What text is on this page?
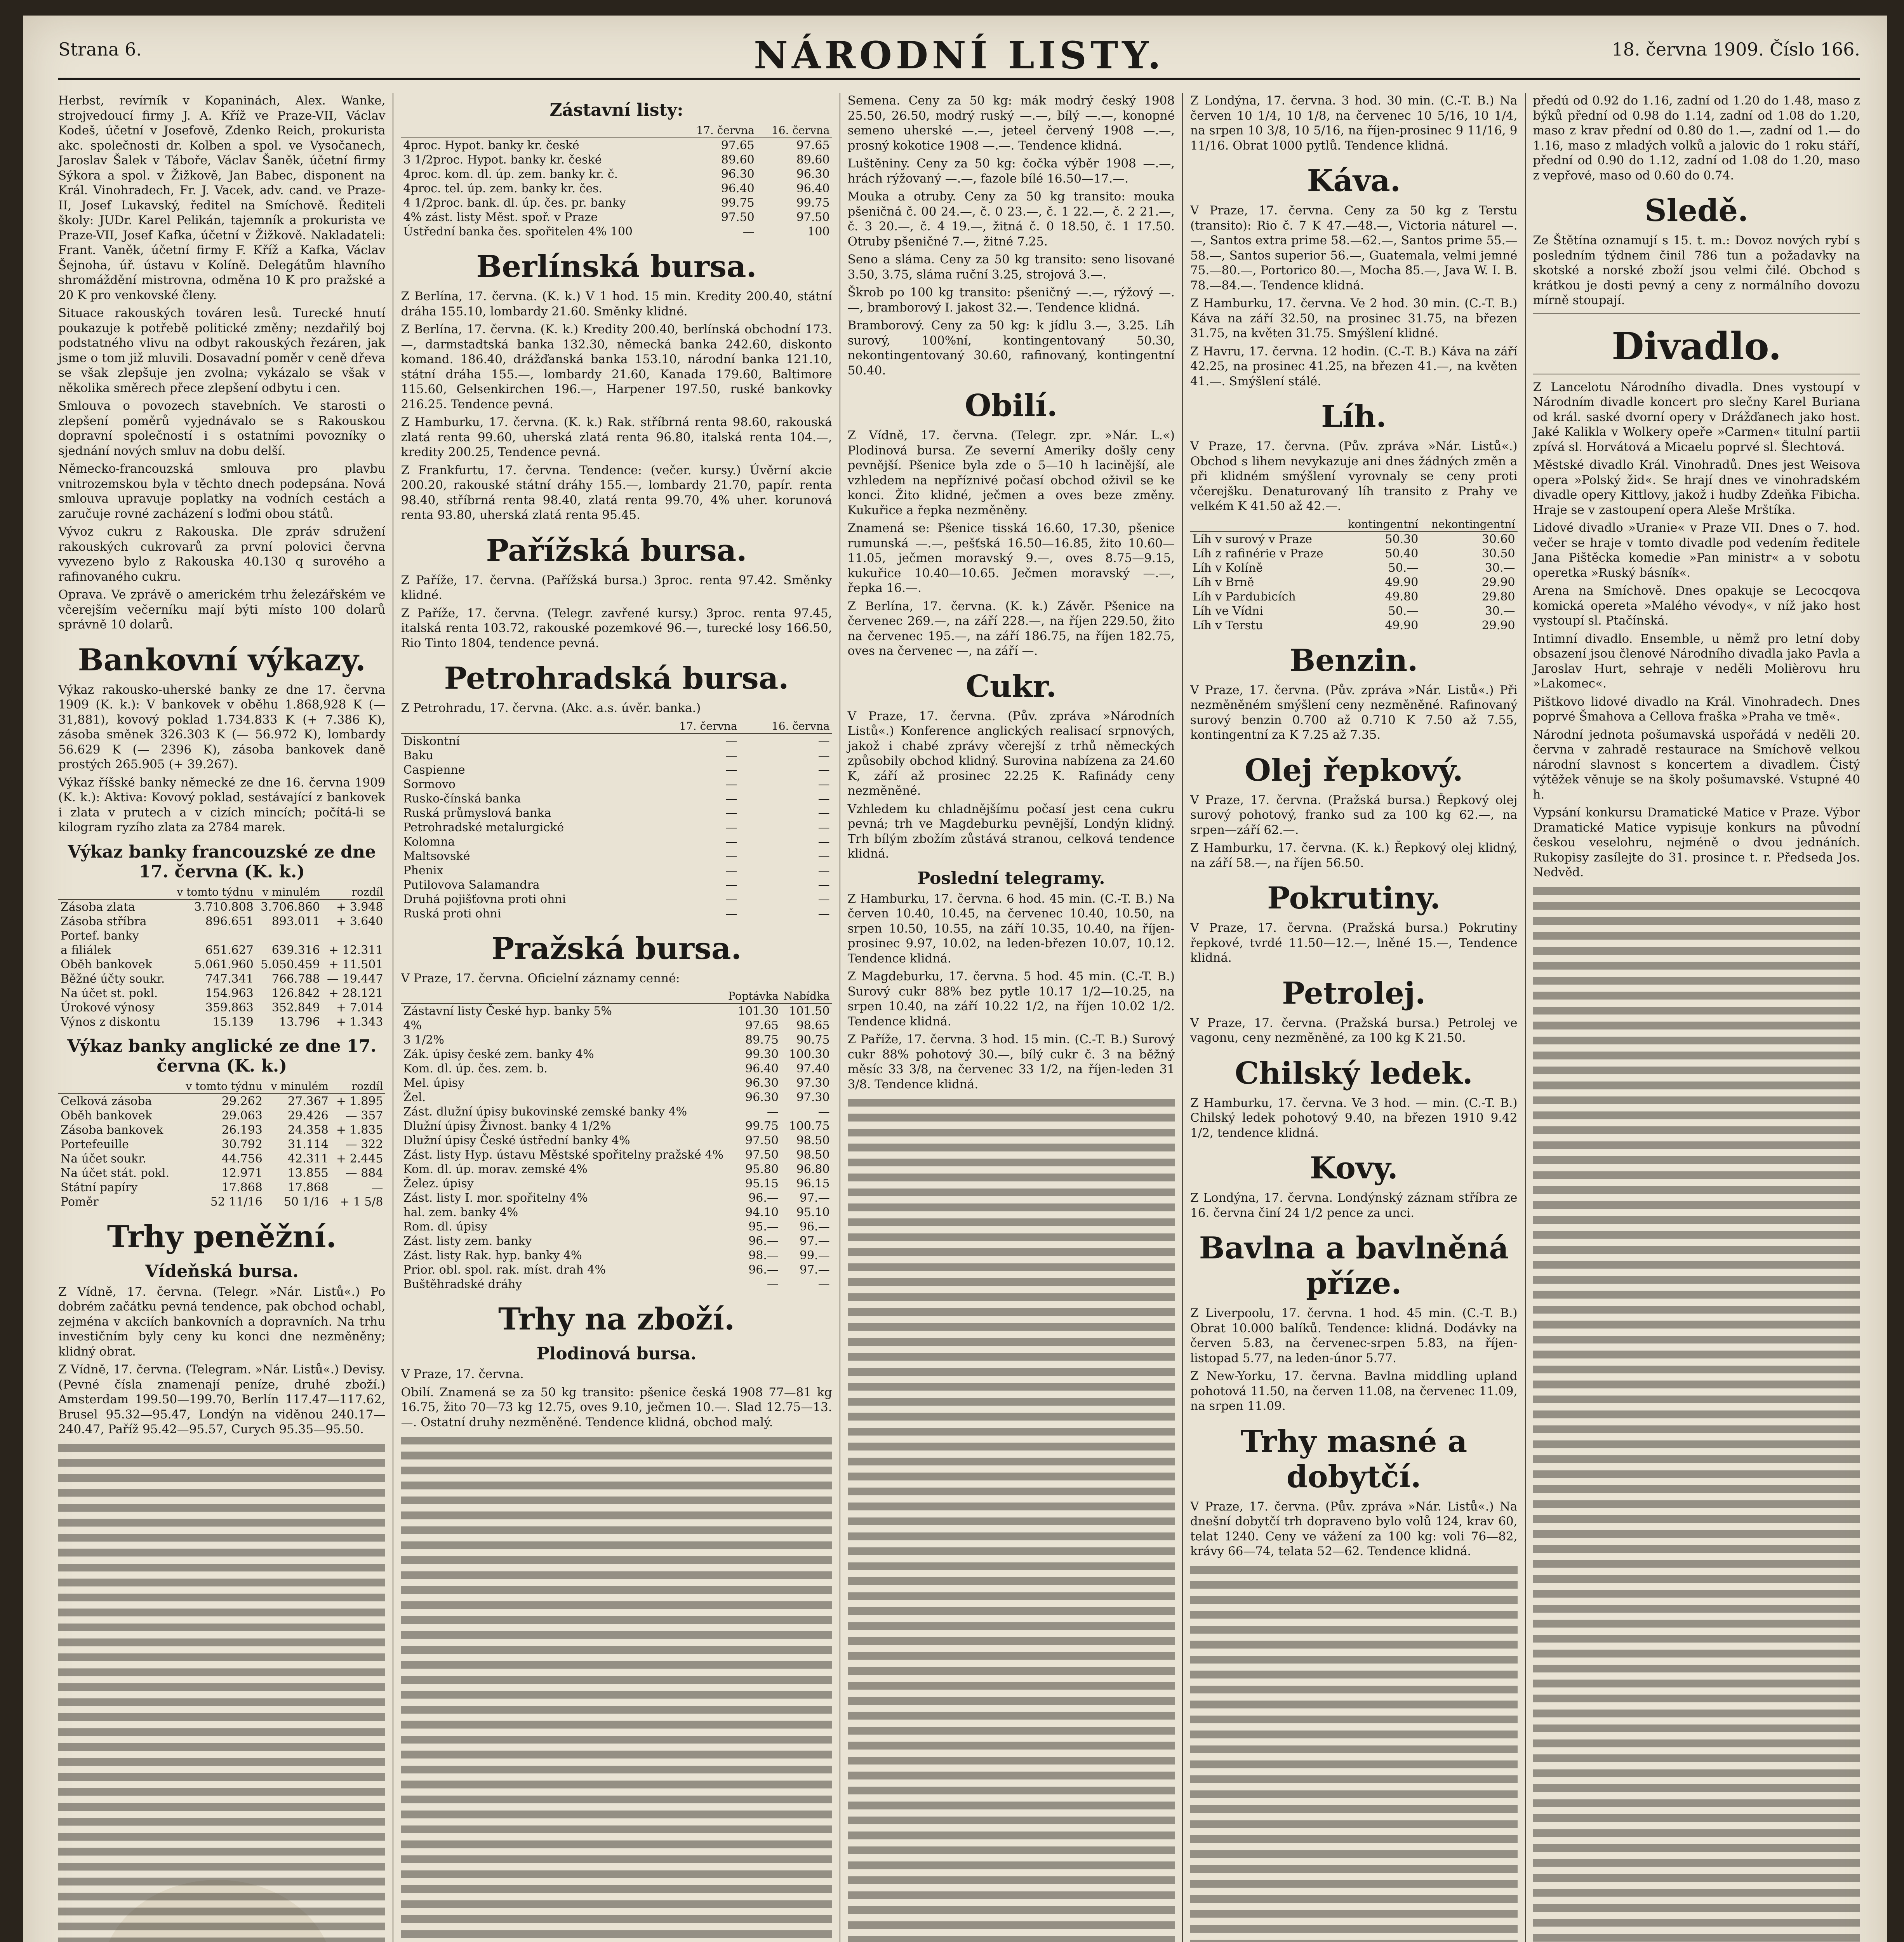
Strana 6.	NÁRODNÍ LISTY.	18. června 1909. Číslo 166.

Herbst, revírník v Kopaninách, Alex. Wanke, strojvedoucí firmy J. A. Kříž ve Praze-VII, Václav Kodeš, účetní v Josefově, Zdenko Reich, prokurista akc. společnosti dr. Kolben a spol. ve Vysočanech, Jaroslav Šalek v Táboře, Václav Šaněk, účetní firmy Sýkora a spol. v Žižkově, Jan Babec, disponent na Král. Vinohradech, Fr. J. Vacek, adv. cand. ve Praze-II, Josef Lukavský, ředitel na Smíchově. Řediteli školy: JUDr. Karel Pelikán, tajemník a prokurista ve Praze-VII, Josef Kafka, účetní v Žižkově. Nakladateli: Frant. Vaněk, účetní firmy F. Kříž a Kafka, Václav Šejnoha, úř. ústavu v Kolíně. Delegátům hlavního shromáždění mistrovna, odměna 10 K pro pražské a 20 K pro venkovské členy.

Situace rakouských továren lesů. Turecké hnutí poukazuje k potřebě politické změny; nezdařilý boj podstatného vlivu na odbyt rakouských řezáren, jak jsme o tom již mluvili. Dosavadní poměr v ceně dřeva se však zlepšuje jen zvolna; vykázalo se však v několika směrech přece zlepšení odbytu i cen.

Smlouva o povozech stavebních. Ve starosti o zlepšení poměrů vyjednávalo se s Rakouskou dopravní společností i s ostatními povozníky o sjednání nových smluv na dobu delší.

Německo-francouzská smlouva pro plavbu vnitrozemskou byla v těchto dnech podepsána. Nová smlouva upravuje poplatky na vodních cestách a zaručuje rovné zacházení s loďmi obou států.

Vývoz cukru z Rakouska. Dle zpráv sdružení rakouských cukrovarů za první polovici června vyvezeno bylo z Rakouska 40.130 q surového a rafinovaného cukru.

Oprava. Ve zprávě o americkém trhu železářském ve včerejším večerníku mají býti místo 100 dolarů správně 10 dolarů.

Bankovní výkazy.

Výkaz rakousko-uherské banky ze dne 17. června 1909 (K. k.): V bankovek v oběhu 1.868,928 K (— 31,881), kovový poklad 1.734.833 K (+ 7.386 K), zásoba směnek 326.303 K (— 56.972 K), lombardy 56.629 K (— 2396 K), zásoba bankovek daně prostých 265.905 (+ 39.267).

Výkaz říšské banky německé ze dne 16. června 1909 (K. k.): Aktiva: Kovový poklad, sestávající z bankovek i zlata v prutech a v cizích mincích; počítá-li se kilogram ryzího zlata za 2784 marek.

Výkaz banky francouzské ze dne 17. června (K. k.)
	v tomto týdnu	v minulém	rozdíl
Zásoba zlata	3.710.808	3.706.860	+ 3.948
Zásoba stříbra	896.651	893.011	+ 3.640
Portef. banky			
a filiálek	651.627	639.316	+ 12.311
Oběh bankovek	5.061.960	5.050.459	+ 11.501
Běžné účty soukr.	747.341	766.788	— 19.447
Na účet st. pokl.	154.963	126.842	+ 28.121
Úrokové výnosy	359.863	352.849	+ 7.014
Výnos z diskontu	15.139	13.796	+ 1.343
Výkaz banky anglické ze dne 17. června (K. k.)
	v tomto týdnu	v minulém	rozdíl
Celková zásoba	29.262	27.367	+ 1.895
Oběh bankovek	29.063	29.426	— 357
Zásoba bankovek	26.193	24.358	+ 1.835
Portefeuille	30.792	31.114	— 322
Na účet soukr.	44.756	42.311	+ 2.445
Na účet stát. pokl.	12.971	13.855	— 884
Státní papíry	17.868	17.868	—
Poměr	52 11/16	50 1/16	+ 1 5/8
Trhy peněžní.
Vídeňská bursa.

Z Vídně, 17. června. (Telegr. »Nár. Listů«.) Po dobrém začátku pevná tendence, pak obchod ochabl, zejména v akciích bankovních a dopravních. Na trhu investičním byly ceny ku konci dne nezměněny; klidný obrat.

Z Vídně, 17. června. (Telegram. »Nár. Listů«.) Devisy. (Pevné čísla znamenají peníze, druhé zboží.) Amsterdam 199.50—199.70, Berlín 117.47—117.62, Brusel 95.32—95.47, Londýn na viděnou 240.17—240.47, Paříž 95.42—95.57, Curych 95.35—95.50.

Zástavní listy:
	17. června	16. června
4proc. Hypot. banky kr. české	97.65	97.65
3 1/2proc. Hypot. banky kr. české	89.60	89.60
4proc. kom. dl. úp. zem. banky kr. č.	96.30	96.30
4proc. tel. úp. zem. banky kr. čes.	96.40	96.40
4 1/2proc. bank. dl. úp. čes. pr. banky	99.75	99.75
4% zást. listy Měst. spoř. v Praze	97.50	97.50
Ústřední banka čes. spořitelen 4% 100	—	100
Berlínská bursa.

Z Berlína, 17. června. (K. k.) V 1 hod. 15 min. Kredity 200.40, státní dráha 155.10, lombardy 21.60. Směnky klidné.

Z Berlína, 17. června. (K. k.) Kredity 200.40, berlínská obchodní 173.—, darmstadtská banka 132.30, německá banka 242.60, diskonto komand. 186.40, drážďanská banka 153.10, národní banka 121.10, státní dráha 155.—, lombardy 21.60, Kanada 179.60, Baltimore 115.60, Gelsenkirchen 196.—, Harpener 197.50, ruské bankovky 216.25. Tendence pevná.

Z Hamburku, 17. června. (K. k.) Rak. stříbrná renta 98.60, rakouská zlatá renta 99.60, uherská zlatá renta 96.80, italská renta 104.—, kredity 200.25, Tendence pevná.

Z Frankfurtu, 17. června. Tendence: (večer. kursy.) Úvěrní akcie 200.20, rakouské státní dráhy 155.—, lombardy 21.70, papír. renta 98.40, stříbrná renta 98.40, zlatá renta 99.70, 4% uher. korunová renta 93.80, uherská zlatá renta 95.45.

Pařížská bursa.

Z Paříže, 17. června. (Pařížská bursa.) 3proc. renta 97.42. Směnky klidné.

Z Paříže, 17. června. (Telegr. zavřené kursy.) 3proc. renta 97.45, italská renta 103.72, rakouské pozemkové 96.—, turecké losy 166.50, Rio Tinto 1804, tendence pevná.

Petrohradská bursa.

Z Petrohradu, 17. června. (Akc. a.s. úvěr. banka.)

	17. června	16. června
Diskontní	—	—
Baku	—	—
Caspienne	—	—
Sormovo	—	—
Rusko-čínská banka	—	—
Ruská průmyslová banka	—	—
Petrohradské metalurgické	—	—
Kolomna	—	—
Maltsovské	—	—
Phenix	—	—
Putilovova Salamandra	—	—
Druhá pojišťovna proti ohni	—	—
Ruská proti ohni	—	—
Pražská bursa.

V Praze, 17. června. Oficielní záznamy cenné:

	Poptávka	Nabídka
Zástavní listy České hyp. banky 5%	101.30	101.50
4%	97.65	98.65
3 1/2%	89.75	90.75
Zák. úpisy české zem. banky 4%	99.30	100.30
Kom. dl. úp. čes. zem. b.	96.40	97.40
Mel. úpisy	96.30	97.30
Žel.	96.30	97.30
Zást. dlužní úpisy bukovinské zemské banky 4%	—	—
Dlužní úpisy Živnost. banky 4 1/2%	99.75	100.75
Dlužní úpisy České ústřední banky 4%	97.50	98.50
Zást. listy Hyp. ústavu Městské spořitelny pražské 4%	97.50	98.50
Kom. dl. úp. morav. zemské 4%	95.80	96.80
Želez. úpisy	95.15	96.15
Zást. listy I. mor. spořitelny 4%	96.—	97.—
hal. zem. banky 4%	94.10	95.10
Rom. dl. úpisy	95.—	96.—
Zást. listy zem. banky	96.—	97.—
Zást. listy Rak. hyp. banky 4%	98.—	99.—
Prior. obl. spol. rak. míst. drah 4%	96.—	97.—
Buštěhradské dráhy	—	—
Trhy na zboží.
Plodinová bursa.

V Praze, 17. června.

Obilí. Znamená se za 50 kg transito: pšenice česká 1908 77—81 kg 16.75, žito 70—73 kg 12.75, oves 9.10, ječmen 10.—. Slad 12.75—13.—. Ostatní druhy nezměněné. Tendence klidná, obchod malý.

Semena. Ceny za 50 kg: mák modrý český 1908 25.50, 26.50, modrý ruský —.—, bílý —.—, konopné semeno uherské —.—, jeteel červený 1908 —.—, prosný kokotice 1908 —.—. Tendence klidná.

Luštěniny. Ceny za 50 kg: čočka výběr 1908 —.—, hrách rýžovaný —.—, fazole bílé 16.50—17.—.

Mouka a otruby. Ceny za 50 kg transito: mouka pšeničná č. 00 24.—, č. 0 23.—, č. 1 22.—, č. 2 21.—, č. 3 20.—, č. 4 19.—, žitná č. 0 18.50, č. 1 17.50. Otruby pšeničné 7.—, žitné 7.25.

Seno a sláma. Ceny za 50 kg transito: seno lisované 3.50, 3.75, sláma ruční 3.25, strojová 3.—.

Škrob po 100 kg transito: pšeničný —.—, rýžový —.—, bramborový I. jakost 32.—. Tendence klidná.

Bramborový. Ceny za 50 kg: k jídlu 3.—, 3.25. Líh surový, 100%ní, kontingentovaný 50.30, nekontingentovaný 30.60, rafinovaný, kontingentní 50.40.

Obilí.

Z Vídně, 17. června. (Telegr. zpr. »Nár. L.«) Plodinová bursa. Ze severní Ameriky došly ceny pevnější. Pšenice byla zde o 5—10 h lacinější, ale vzhledem na nepříznivé počasí obchod oživil se ke konci. Žito klidné, ječmen a oves beze změny. Kukuřice a řepka nezměněny.

Znamená se: Pšenice tisská 16.60, 17.30, pšenice rumunská —.—, pešťská 16.50—16.85, žito 10.60—11.05, ječmen moravský 9.—, oves 8.75—9.15, kukuřice 10.40—10.65. Ječmen moravský —.—, řepka 16.—.

Z Berlína, 17. června. (K. k.) Závěr. Pšenice na červenec 269.—, na září 228.—, na říjen 229.50, žito na červenec 195.—, na září 186.75, na říjen 182.75, oves na červenec —, na září —.

Cukr.

V Praze, 17. června. (Pův. zpráva »Národních Listů«.) Konference anglických realisací srpnových, jakož i chabé zprávy včerejší z trhů německých způsobily obchod klidný. Surovina nabízena za 24.60 K, září až prosinec 22.25 K. Rafinády ceny nezměněné.

Vzhledem ku chladnějšímu počasí jest cena cukru pevná; trh ve Magdeburku pevnější, Londýn klidný. Trh bílým zbožím zůstává stranou, celková tendence klidná.

Poslední telegramy.

Z Hamburku, 17. června. 6 hod. 45 min. (C.-T. B.) Na červen 10.40, 10.45, na červenec 10.40, 10.50, na srpen 10.50, 10.55, na září 10.35, 10.40, na říjen-prosinec 9.97, 10.02, na leden-březen 10.07, 10.12. Tendence klidná.

Z Magdeburku, 17. června. 5 hod. 45 min. (C.-T. B.) Surový cukr 88% bez pytle 10.17 1/2—10.25, na srpen 10.40, na září 10.22 1/2, na říjen 10.02 1/2. Tendence klidná.

Z Paříže, 17. června. 3 hod. 15 min. (C.-T. B.) Surový cukr 88% pohotový 30.—, bílý cukr č. 3 na běžný měsíc 33 3/8, na červenec 33 1/2, na říjen-leden 31 3/8. Tendence klidná.

Z Londýna, 17. června. 3 hod. 30 min. (C.-T. B.) Na červen 10 1/4, 10 1/8, na červenec 10 5/16, 10 1/4, na srpen 10 3/8, 10 5/16, na říjen-prosinec 9 11/16, 9 11/16. Obrat 1000 pytlů. Tendence klidná.

Káva.

V Praze, 17. června. Ceny za 50 kg z Terstu (transito): Rio č. 7 K 47.—48.—, Victoria náturel —.—, Santos extra prime 58.—62.—, Santos prime 55.—58.—, Santos superior 56.—, Guatemala, velmi jemné 75.—80.—, Portorico 80.—, Mocha 85.—, Java W. I. B. 78.—84.—. Tendence klidná.

Z Hamburku, 17. června. Ve 2 hod. 30 min. (C.-T. B.) Káva na září 32.50, na prosinec 31.75, na březen 31.75, na květen 31.75. Smýšlení klidné.

Z Havru, 17. června. 12 hodin. (C.-T. B.) Káva na září 42.25, na prosinec 41.25, na březen 41.—, na květen 41.—. Smýšlení stálé.

Líh.

V Praze, 17. června. (Pův. zpráva »Nár. Listů«.) Obchod s lihem nevykazuje ani dnes žádných změn a při klidném smýšlení vyrovnaly se ceny proti včerejšku. Denaturovaný líh transito z Prahy ve velkém K 41.50 až 42.—.

	kontingentní	nekontingentní
Líh v surový v Praze	50.30	30.60
Líh z rafinérie v Praze	50.40	30.50
Líh v Kolíně	50.—	30.—
Líh v Brně	49.90	29.90
Líh v Pardubicích	49.80	29.80
Líh ve Vídni	50.—	30.—
Líh v Terstu	49.90	29.90
Benzin.

V Praze, 17. června. (Pův. zpráva »Nár. Listů«.) Při nezměněném smýšlení ceny nezměněné. Rafinovaný surový benzin 0.700 až 0.710 K 7.50 až 7.55, kontingentní za K 7.25 až 7.35.

Olej řepkový.

V Praze, 17. června. (Pražská bursa.) Řepkový olej surový pohotový, franko sud za 100 kg 62.—, na srpen—září 62.—.

Z Hamburku, 17. června. (K. k.) Řepkový olej klidný, na září 58.—, na říjen 56.50.

Pokrutiny.

V Praze, 17. června. (Pražská bursa.) Pokrutiny řepkové, tvrdé 11.50—12.—, lněné 15.—, Tendence klidná.

Petrolej.

V Praze, 17. června. (Pražská bursa.) Petrolej ve vagonu, ceny nezměněné, za 100 kg K 21.50.

Chilský ledek.

Z Hamburku, 17. června. Ve 3 hod. — min. (C.-T. B.) Chilský ledek pohotový 9.40, na březen 1910 9.42 1/2, tendence klidná.

Kovy.

Z Londýna, 17. června. Londýnský záznam stříbra ze 16. června činí 24 1/2 pence za unci.

Bavlna a bavlněná příze.

Z Liverpoolu, 17. června. 1 hod. 45 min. (C.-T. B.) Obrat 10.000 balíků. Tendence: klidná. Dodávky na červen 5.83, na červenec-srpen 5.83, na říjen-listopad 5.77, na leden-únor 5.77.

Z New-Yorku, 17. června. Bavlna middling upland pohotová 11.50, na červen 11.08, na červenec 11.09, na srpen 11.09.

Trhy masné a dobytčí.

V Praze, 17. června. (Pův. zpráva »Nár. Listů«.) Na dnešní dobytčí trh dopraveno bylo volů 124, krav 60, telat 1240. Ceny ve vážení za 100 kg: voli 76—82, krávy 66—74, telata 52—62. Tendence klidná.

předú od 0.92 do 1.16, zadní od 1.20 do 1.48, maso z býků přední od 0.98 do 1.14, zadní od 1.08 do 1.20, maso z krav přední od 0.80 do 1.—, zadní od 1.— do 1.16, maso z mladých volků a jalovic do 1 roku stáří, přední od 0.90 do 1.12, zadní od 1.08 do 1.20, maso z vepřové, maso od 0.60 do 0.74.

Sledě.

Ze Štětína oznamují s 15. t. m.: Dovoz nových rybí s posledním týdnem činil 786 tun a požadavky na skotské a norské zboží jsou velmi čilé. Obchod s krátkou je dosti pevný a ceny z normálního dovozu mírně stoupají.

Divadlo.

Z Lancelotu Národního divadla. Dnes vystoupí v Národním divadle koncert pro slečny Karel Buriana od král. saské dvorní opery v Drážďanech jako host. Jaké Kalikla v Wolkery opeře »Carmen« titulní partii zpívá sl. Horvátová a Micaelu poprvé sl. Šlechtová.

Městské divadlo Král. Vinohradů. Dnes jest Weisova opera »Polský žid«. Se hrají dnes ve vinohradském divadle opery Kittlovy, jakož i hudby Zdeňka Fibicha. Hraje se v zastoupení opera Aleše Mrštíka.

Lidové divadlo »Uranie« v Praze VII. Dnes o 7. hod. večer se hraje v tomto divadle pod vedením ředitele Jana Pištěcka komedie »Pan ministr« a v sobotu operetka »Ruský básník«.

Arena na Smíchově. Dnes opakuje se Lecocqova komická opereta »Malého vévody«, v níž jako host vystoupí sl. Ptačínská.

Intimní divadlo. Ensemble, u němž pro letní doby obsazení jsou členové Národního divadla jako Pavla a Jaroslav Hurt, sehraje v neděli Molièrovu hru »Lakomec«.

Pištkovo lidové divadlo na Král. Vinohradech. Dnes poprvé Šmahova a Cellova fraška »Praha ve tmě«.

Národní jednota pošumavská uspořádá v neděli 20. června v zahradě restaurace na Smíchově velkou národní slavnost s koncertem a divadlem. Čistý výtěžek věnuje se na školy pošumavské. Vstupné 40 h.

Vypsání konkursu Dramatické Matice v Praze. Výbor Dramatické Matice vypisuje konkurs na původní českou veselohru, nejméně o dvou jednáních. Rukopisy zasílejte do 31. prosince t. r. Předseda Jos. Nedvěd.
